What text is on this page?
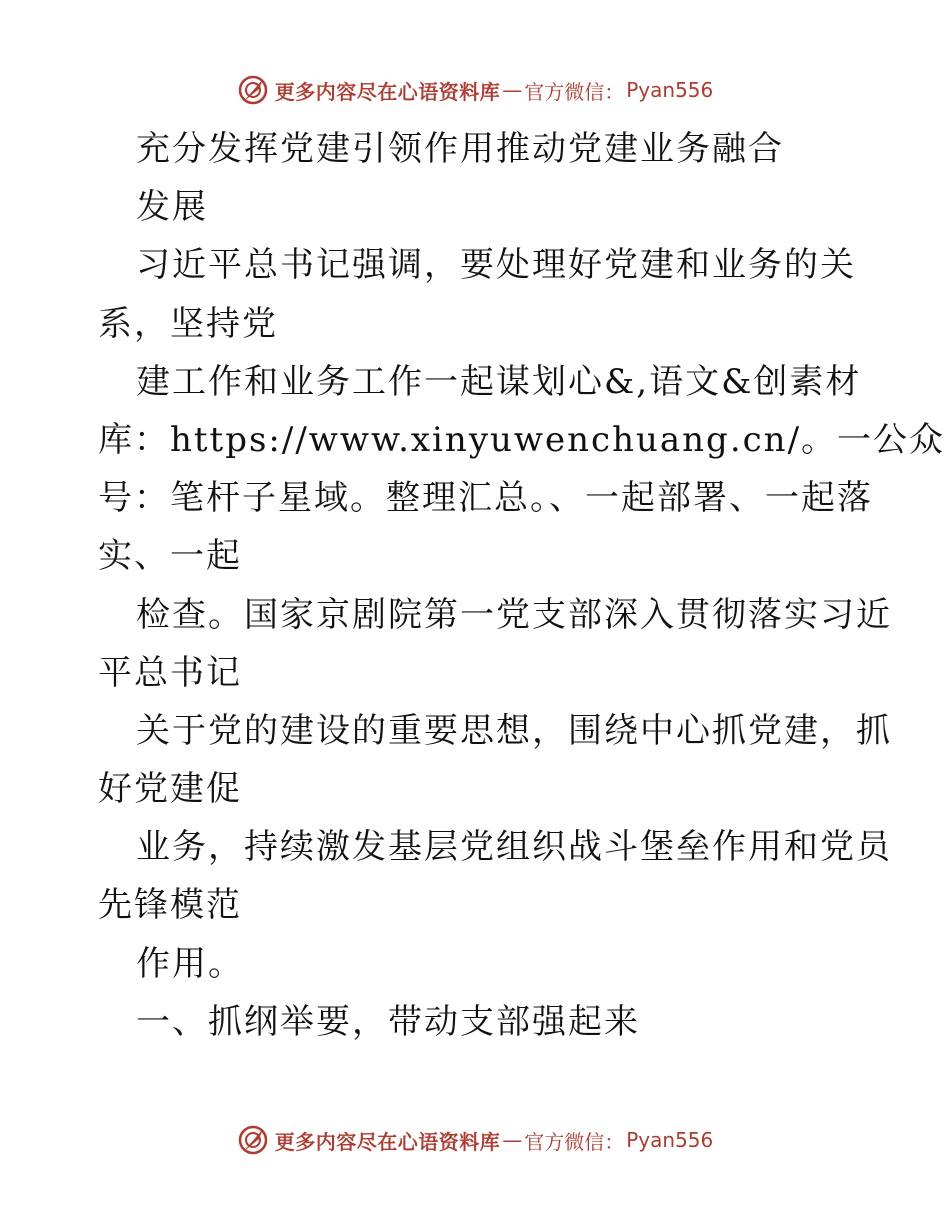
更多内容尽在心语资料库 — 官方微信： Pyan556
充分发挥党建引领作用推动党建业务融合
发展
习近平总书记强调，要处理好党建和业务的关
系，坚持党
建工作和业务工作一起谋划心&,语文&创素材
库：https://www.xinyuwenchuang.cn/。一公众
号：笔杆子星域。整理汇总。、一起部署、一起落
实、一起
检查。国家京剧院第一党支部深入贯彻落实习近
平总书记
关于党的建设的重要思想，围绕中心抓党建，抓
好党建促
业务，持续激发基层党组织战斗堡垒作用和党员
先锋模范
作用。
一、抓纲举要，带动支部强起来
更多内容尽在心语资料库 — 官方微信： Pyan556
